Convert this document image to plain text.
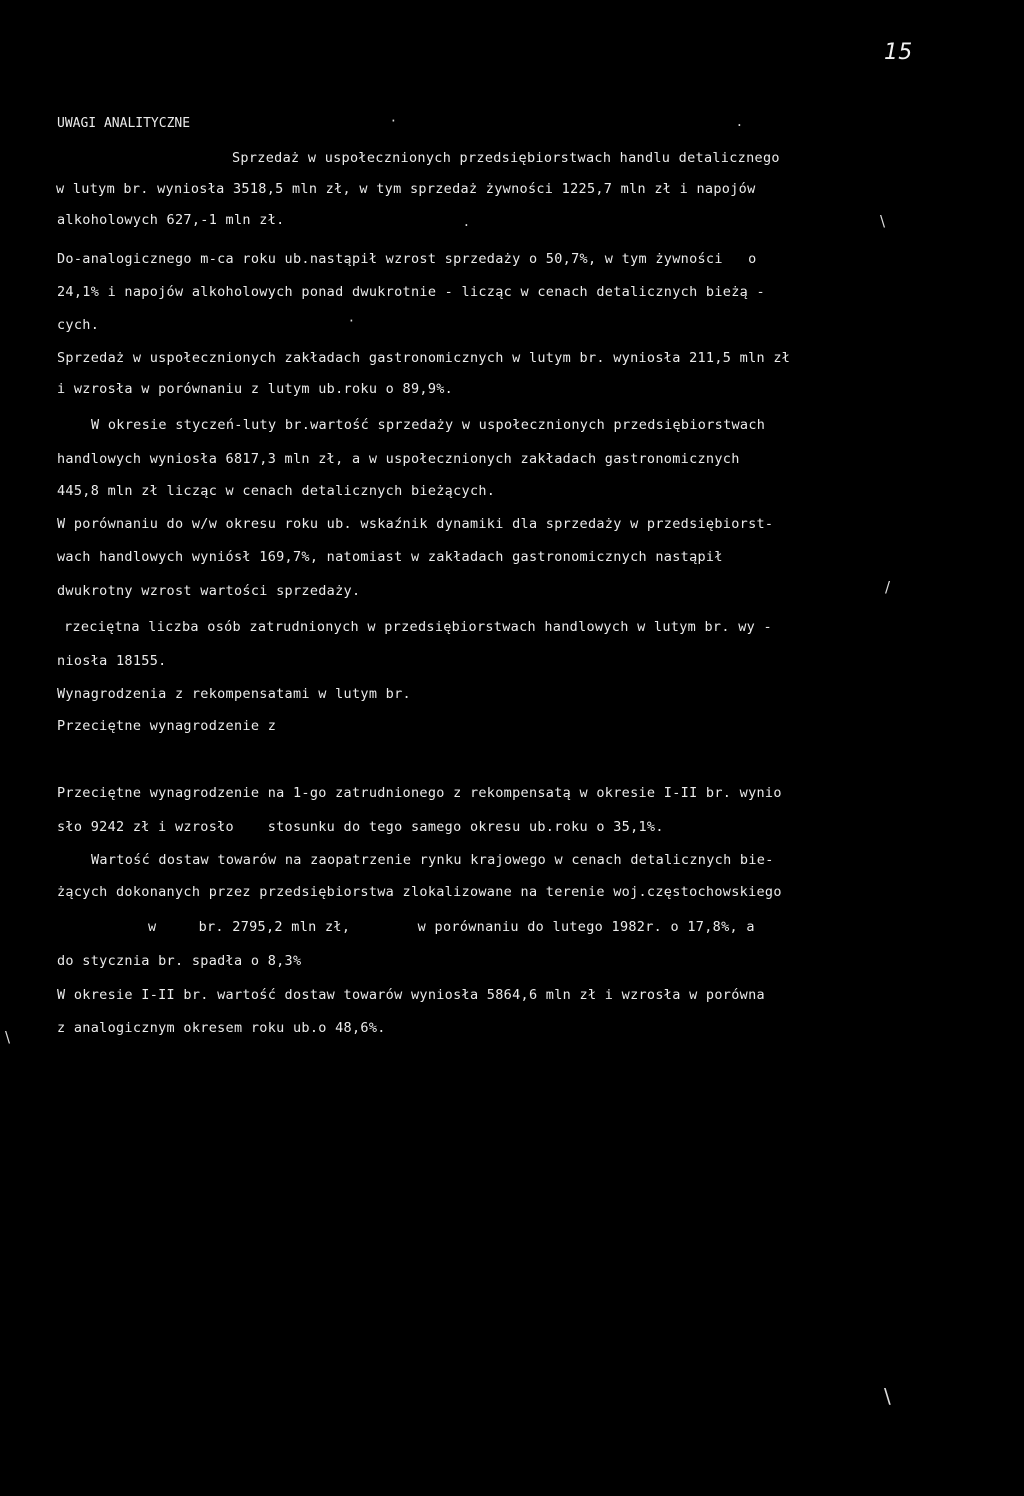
15
UWAGI ANALITYCZNE
Sprzedaż w uspołecznionych przedsiębiorstwach handlu detalicznego
w lutym br. wyniosła 3518,5 mln zł, w tym sprzedaż żywności 1225,7 mln zł i napojów
alkoholowych 627,-1 mln zł.
Do-analogicznego m-ca roku ub.nastąpił wzrost sprzedaży o 50,7%, w tym żywności   o
24,1% i napojów alkoholowych ponad dwukrotnie - licząc w cenach detalicznych bieżą -
cych.
Sprzedaż w uspołecznionych zakładach gastronomicznych w lutym br. wyniosła 211,5 mln zł
i wzrosła w porównaniu z lutym ub.roku o 89,9%.
W okresie styczeń-luty br.wartość sprzedaży w uspołecznionych przedsiębiorstwach
handlowych wyniosła 6817,3 mln zł, a w uspołecznionych zakładach gastronomicznych
445,8 mln zł licząc w cenach detalicznych bieżących.
W porównaniu do w/w okresu roku ub. wskaźnik dynamiki dla sprzedaży w przedsiębiorst-
wach handlowych wyniósł 169,7%, natomiast w zakładach gastronomicznych nastąpił
dwukrotny wzrost wartości sprzedaży.
rzeciętna liczba osób zatrudnionych w przedsiębiorstwach handlowych w lutym br. wy -
niosła 18155.
Wynagrodzenia z rekompensatami w lutym br.
Przeciętne wynagrodzenie z
Przeciętne wynagrodzenie na 1-go zatrudnionego z rekompensatą w okresie I-II br. wynio
sło 9242 zł i wzrosło    stosunku do tego samego okresu ub.roku o 35,1%.
Wartość dostaw towarów na zaopatrzenie rynku krajowego w cenach detalicznych bie-
żących dokonanych przez przedsiębiorstwa zlokalizowane na terenie woj.częstochowskiego
w     br. 2795,2 mln zł,        w porównaniu do lutego 1982r. o 17,8%, a
do stycznia br. spadła o 8,3%
W okresie I-II br. wartość dostaw towarów wyniosła 5864,6 mln zł i wzrosła w porówna
z analogicznym okresem roku ub.o 48,6%.
·	.
.	\
·
/
\
\
